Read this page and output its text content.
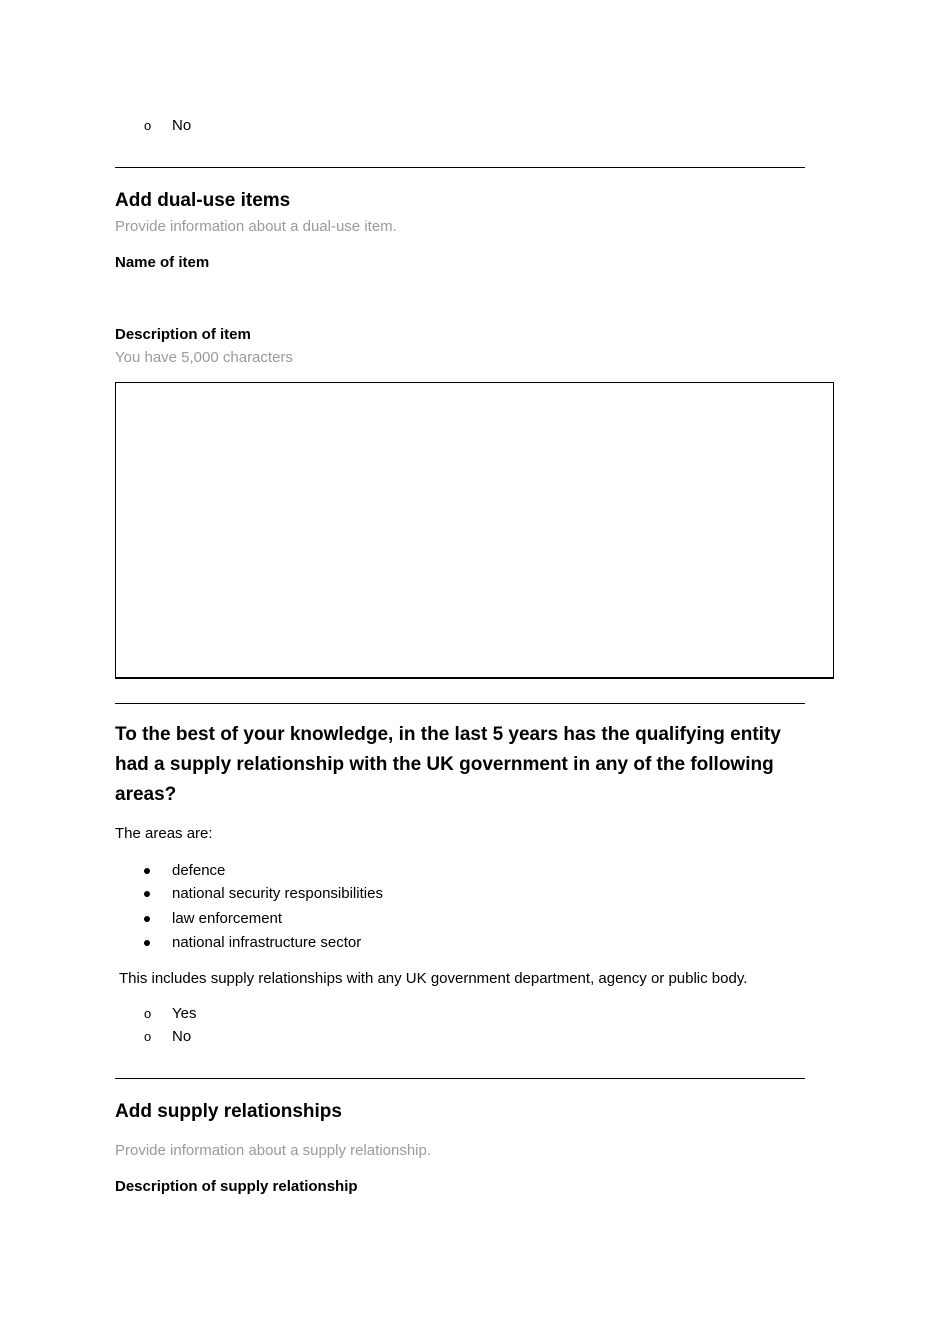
o	No
Add dual-use items
Provide information about a dual-use item.
Name of item
Description of item
You have 5,000 characters
To the best of your knowledge, in the last 5 years has the qualifying entity had a supply relationship with the UK government in any of the following areas?
The areas are:
defence
national security responsibilities
law enforcement
national infrastructure sector
This includes supply relationships with any UK government department, agency or public body.
o	Yes
o	No
Add supply relationships
Provide information about a supply relationship.
Description of supply relationship
